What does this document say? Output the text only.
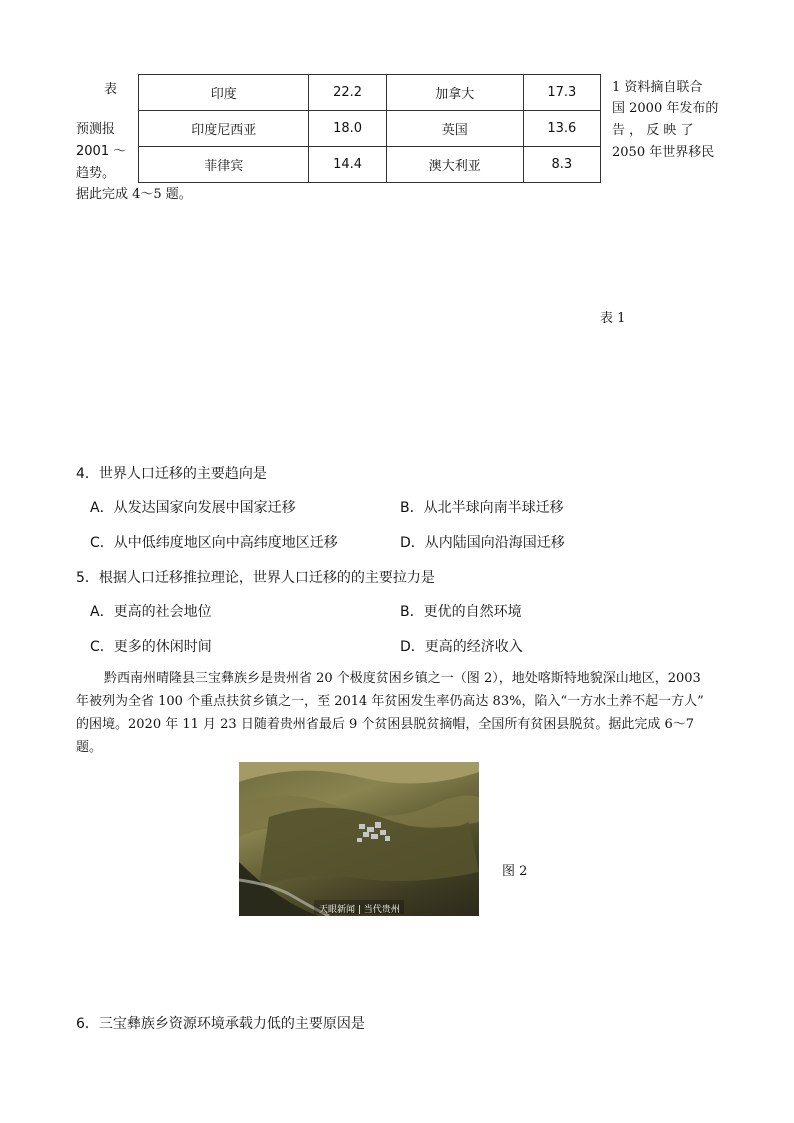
表
预测报
2001 ～
趋势。
1 资料摘自联合
国 2000 年发布的
告 ， 反 映 了
2050 年世界移民
据此完成 4～5 题。
印度	22.2	加拿大	17.3
印度尼西亚	18.0	英国	13.6
菲律宾	14.4	澳大利亚	8.3
表 1
4．世界人口迁移的主要趋向是
A．从发达国家向发展中国家迁移	B．从北半球向南半球迁移
C．从中低纬度地区向中高纬度地区迁移	D．从内陆国向沿海国迁移
5．根据人口迁移推拉理论，世界人口迁移的的主要拉力是
A．更高的社会地位	B．更优的自然环境
C．更多的休闲时间	D．更高的经济收入
黔西南州晴隆县三宝彝族乡是贵州省 20 个极度贫困乡镇之一（图 2），地处喀斯特地貌深山地区，2003
年被列为全省 100 个重点扶贫乡镇之一，至 2014 年贫困发生率仍高达 83%，陷入“一方水土养不起一方人”
的困境。2020 年 11 月 23 日随着贵州省最后 9 个贫困县脱贫摘帽，全国所有贫困县脱贫。据此完成 6～7
题。
天眼新闻 | 当代贵州
图 2
6．三宝彝族乡资源环境承载力低的主要原因是
